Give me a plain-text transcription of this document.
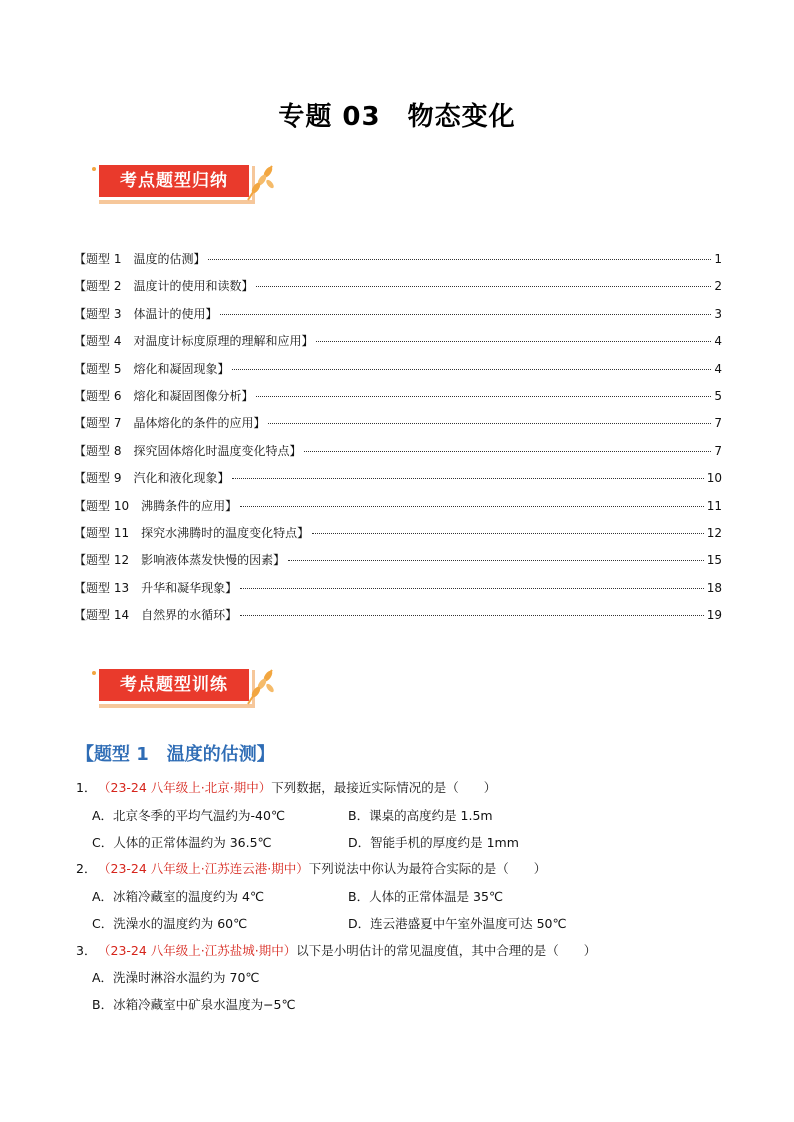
专题 03　物态变化
考点题型归纳
【题型 1　温度的估测】	1
【题型 2　温度计的使用和读数】	2
【题型 3　体温计的使用】	3
【题型 4　对温度计标度原理的理解和应用】	4
【题型 5　熔化和凝固现象】	4
【题型 6　熔化和凝固图像分析】	5
【题型 7　晶体熔化的条件的应用】	7
【题型 8　探究固体熔化时温度变化特点】	7
【题型 9　汽化和液化现象】	10
【题型 10　沸腾条件的应用】	11
【题型 11　探究水沸腾时的温度变化特点】	12
【题型 12　影响液体蒸发快慢的因素】	15
【题型 13　升华和凝华现象】	18
【题型 14　自然界的水循环】	19
考点题型训练
【题型 1　温度的估测】
1． （23-24 八年级上·北京·期中）下列数据，最接近实际情况的是（　　）
A．北京冬季的平均气温约为-40℃	B．课桌的高度约是 1.5m
C．人体的正常体温约为 36.5℃	D．智能手机的厚度约是 1mm
2． （23-24 八年级上·江苏连云港·期中）下列说法中你认为最符合实际的是（　　）
A．冰箱冷藏室的温度约为 4℃	B．人体的正常体温是 35℃
C．洗澡水的温度约为 60℃	D．连云港盛夏中午室外温度可达 50℃
3． （23-24 八年级上·江苏盐城·期中）以下是小明估计的常见温度值，其中合理的是（　　）
A．洗澡时淋浴水温约为 70℃
B．冰箱冷藏室中矿泉水温度为−5℃
